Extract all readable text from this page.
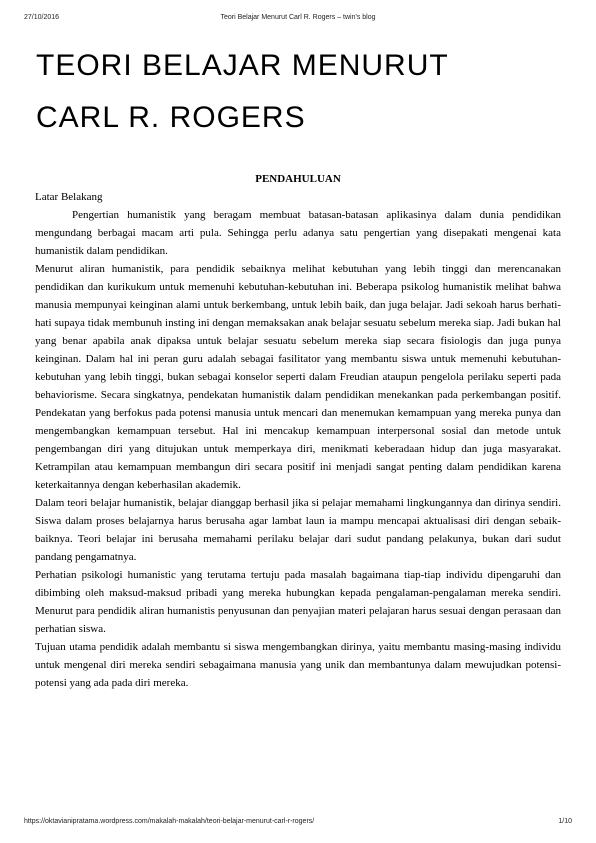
27/10/2016	Teori Belajar Menurut Carl R. Rogers – twin's blog
TEORI BELAJAR MENURUT
CARL R. ROGERS
PENDAHULUAN
Latar Belakang

Pengertian humanistik yang beragam membuat batasan-batasan aplikasinya dalam dunia pendidikan mengundang berbagai macam arti pula. Sehingga perlu adanya satu pengertian yang disepakati mengenai kata humanistik dalam pendidikan.

Menurut aliran humanistik, para pendidik sebaiknya melihat kebutuhan yang lebih tinggi dan merencanakan pendidikan dan kurikukum untuk memenuhi kebutuhan-kebutuhan ini. Beberapa psikolog humanistik melihat bahwa manusia mempunyai keinginan alami untuk berkembang, untuk lebih baik, dan juga belajar. Jadi sekoah harus berhati-hati supaya tidak membunuh insting ini dengan memaksakan anak belajar sesuatu sebelum mereka siap. Jadi bukan hal yang benar apabila anak dipaksa untuk belajar sesuatu sebelum mereka siap secara fisiologis dan juga punya keinginan. Dalam hal ini peran guru adalah sebagai fasilitator yang membantu siswa untuk memenuhi kebutuhan-kebutuhan yang lebih tinggi, bukan sebagai konselor seperti dalam Freudian ataupun pengelola perilaku seperti pada behaviorisme. Secara singkatnya, pendekatan humanistik dalam pendidikan menekankan pada perkembangan positif. Pendekatan yang berfokus pada potensi manusia untuk mencari dan menemukan kemampuan yang mereka punya dan mengembangkan kemampuan tersebut. Hal ini mencakup kemampuan interpersonal sosial dan metode untuk pengembangan diri yang ditujukan untuk memperkaya diri, menikmati keberadaan hidup dan juga masyarakat. Ketrampilan atau kemampuan membangun diri secara positif ini menjadi sangat penting dalam pendidikan karena keterkaitannya dengan keberhasilan akademik.

Dalam teori belajar humanistik, belajar dianggap berhasil jika si pelajar memahami lingkungannya dan dirinya sendiri. Siswa dalam proses belajarnya harus berusaha agar lambat laun ia mampu mencapai aktualisasi diri dengan sebaik-baiknya. Teori belajar ini berusaha memahami perilaku belajar dari sudut pandang pelakunya, bukan dari sudut pandang pengamatnya.

Perhatian psikologi humanistic yang terutama tertuju pada masalah bagaimana tiap-tiap individu dipengaruhi dan dibimbing oleh maksud-maksud pribadi yang mereka hubungkan kepada pengalaman-pengalaman mereka sendiri. Menurut para pendidik aliran humanistis penyusunan dan penyajian materi pelajaran harus sesuai dengan perasaan dan perhatian siswa.

Tujuan utama pendidik adalah membantu si siswa mengembangkan dirinya, yaitu membantu masing-masing individu untuk mengenal diri mereka sendiri sebagaimana manusia yang unik dan membantunya dalam mewujudkan potensi-potensi yang ada pada diri mereka.

https://oktavianipratama.wordpress.com/makalah-makalah/teori-belajar-menurut-carl-r-rogers/	1/10
